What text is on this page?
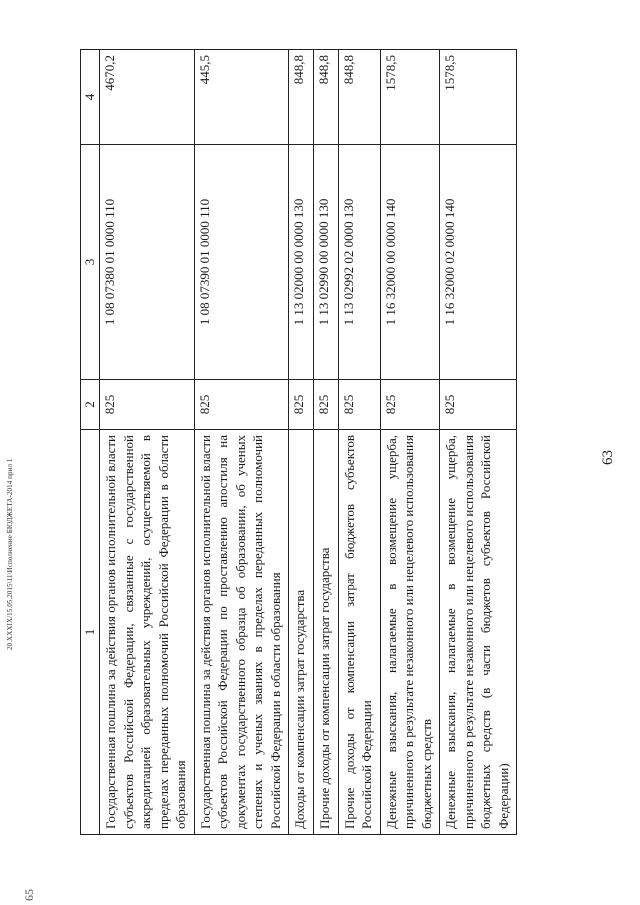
65
20.XXXIX/15.05.2015\11\Исполнение БЮДЖЕТА-2014 прил 1
63
1	2	3	4
Государственная пошлина за действия органов исполнительной власти субъектов Российской Федерации, связанные с государственной аккредитацией образовательных учреждений, осуществляемой в пределах переданных полномочий Российской Федерации в области образования	825	1 08 07380 01 0000 110	4670,2
Государственная пошлина за действия органов исполнительной власти субъектов Российской Федерации по проставлению апостиля на документах государственного образца об образовании, об ученых степенях и ученых званиях в пределах переданных полномочий Российской Федерации в области образования	825	1 08 07390 01 0000 110	445,5
Доходы от компенсации затрат государства	825	1 13 02000 00 0000 130	848,8
Прочие доходы от компенсации затрат государства	825	1 13 02990 00 0000 130	848,8
Прочие доходы от компенсации затрат бюджетов субъектов Российской Федерации	825	1 13 02992 02 0000 130	848,8
Денежные взыскания, налагаемые в возмещение ущерба, причиненного в результате незаконного или нецелевого использования бюджетных средств	825	1 16 32000 00 0000 140	1578,5
Денежные взыскания, налагаемые в возмещение ущерба, причиненного в результате незаконного или нецелевого использования бюджетных средств (в части бюджетов субъектов Российской Федерации)	825	1 16 32000 02 0000 140	1578,5
